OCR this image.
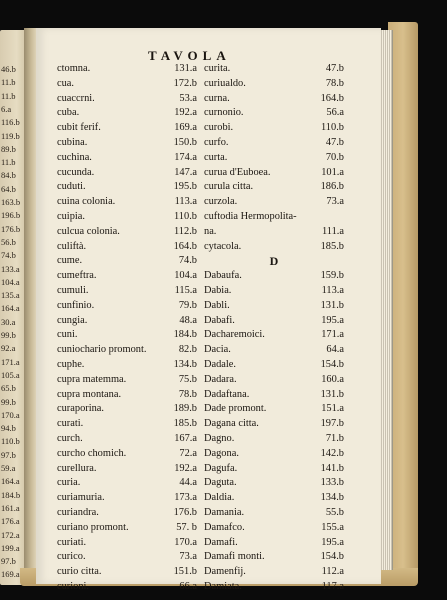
46.b
11.b
11.b
6.a
116.b
119.b
89.b
11.b
84.b
64.b
163.b
196.b
176.b
56.b
74.b
133.a
104.a
135.a
164.a
30.a
99.b
92.a
171.a
105.a
65.b
99.b
170.a
94.b
110.b
97.b
59.a
164.a
184.b
161.a
176.a
172.a
199.a
97.b
169.a
TAVOLA
ctomna.	131.a
cua.	172.b
cuaccrni.	53.a
cuba.	192.a
cubit ferif.	169.a
cubina.	150.b
cuchina.	174.a
cucunda.	147.a
cuduti.	195.b
cuina colonia.	113.a
cuipia.	110.b
culcua colonia.	112.b
culiftà.	164.b
cume.	74.b
cumeftra.	104.a
cumuli.	115.a
cunfinio.	79.b
cungia.	48.a
cuni.	184.b
cuniochario promont.	82.b
cuphe.	134.b
cupra matemma.	75.b
cupra montana.	78.b
curaporina.	189.b
curati.	185.b
curch.	167.a
curcho chomich.	72.a
curellura.	192.a
curia.	44.a
curiamuria.	173.a
curiandra.	176.b
curiano promont.	57. b
curiati.	170.a
curico.	73.a
curio citta.	151.b
curioni.	66.a
curita.	47.b
curiualdo.	78.b
curna.	164.b
curnonio.	56.a
curobi.	110.b
curfo.	47.b
curta.	70.b
curua d'Euboea.	101.a
curula citta.	186.b
curzola.	73.a
cuftodia Hermopolita-
na.	111.a
cytacola.	185.b
D
Dabaufa.	159.b
Dabia.	113.a
Dabli.	131.b
Dabafi.	195.a
Dacharemoici.	171.a
Dacia.	64.a
Dadale.	154.b
Dadara.	160.a
Dadaftana.	131.b
Dade promont.	151.a
Dagana citta.	197.b
Dagno.	71.b
Dagona.	142.b
Dagufa.	141.b
Daguta.	133.b
Daldia.	134.b
Damania.	55.b
Damafco.	155.a
Damafi.	195.a
Damafi monti.	154.b
Damenfij.	112.a
Damiata.	117.a
